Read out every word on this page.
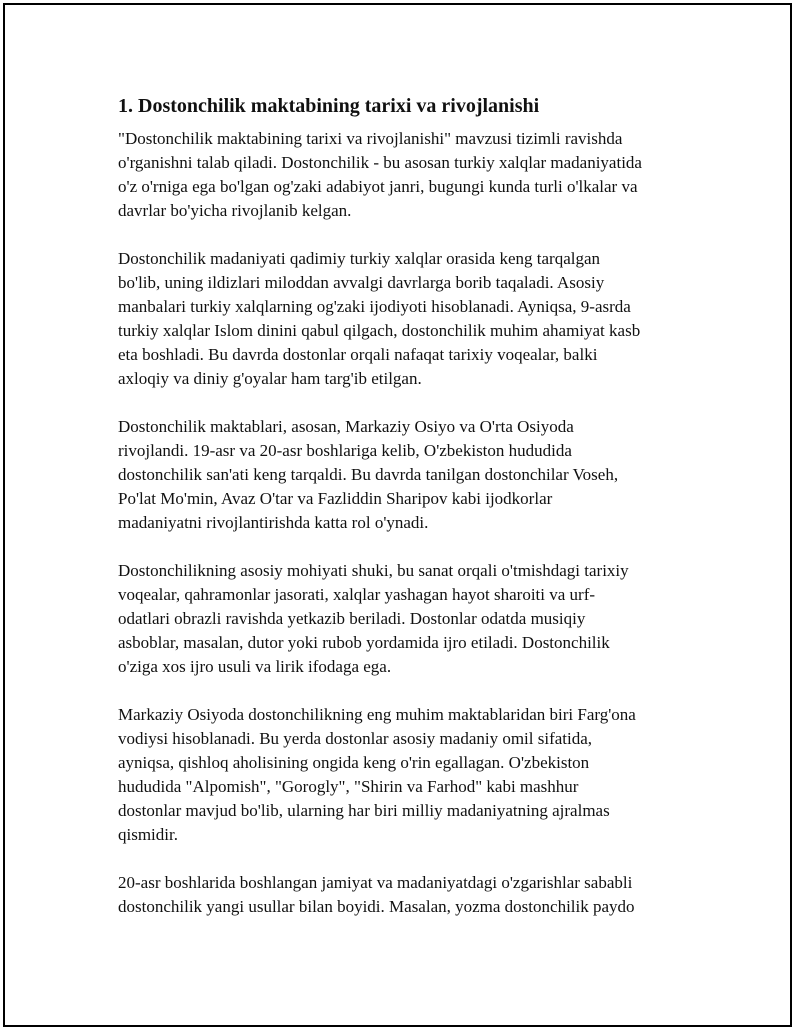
1. Dostonchilik maktabining tarixi va rivojlanishi

"Dostonchilik maktabining tarixi va rivojlanishi" mavzusi tizimli ravishda
o'rganishni talab qiladi. Dostonchilik - bu asosan turkiy xalqlar madaniyatida
o'z o'rniga ega bo'lgan og'zaki adabiyot janri, bugungi kunda turli o'lkalar va
davrlar bo'yicha rivojlanib kelgan.

Dostonchilik madaniyati qadimiy turkiy xalqlar orasida keng tarqalgan
bo'lib, uning ildizlari miloddan avvalgi davrlarga borib taqaladi. Asosiy
manbalari turkiy xalqlarning og'zaki ijodiyoti hisoblanadi. Ayniqsa, 9-asrda
turkiy xalqlar Islom dinini qabul qilgach, dostonchilik muhim ahamiyat kasb
eta boshladi. Bu davrda dostonlar orqali nafaqat tarixiy voqealar, balki
axloqiy va diniy g'oyalar ham targ'ib etilgan.

Dostonchilik maktablari, asosan, Markaziy Osiyo va O'rta Osiyoda
rivojlandi. 19-asr va 20-asr boshlariga kelib, O'zbekiston hududida
dostonchilik san'ati keng tarqaldi. Bu davrda tanilgan dostonchilar Voseh,
Po'lat Mo'min, Avaz O'tar va Fazliddin Sharipov kabi ijodkorlar
madaniyatni rivojlantirishda katta rol o'ynadi.

Dostonchilikning asosiy mohiyati shuki, bu sanat orqali o'tmishdagi tarixiy
voqealar, qahramonlar jasorati, xalqlar yashagan hayot sharoiti va urf-
odatlari obrazli ravishda yetkazib beriladi. Dostonlar odatda musiqiy
asboblar, masalan, dutor yoki rubob yordamida ijro etiladi. Dostonchilik
o'ziga xos ijro usuli va lirik ifodaga ega.

Markaziy Osiyoda dostonchilikning eng muhim maktablaridan biri Farg'ona
vodiysi hisoblanadi. Bu yerda dostonlar asosiy madaniy omil sifatida,
ayniqsa, qishloq aholisining ongida keng o'rin egallagan. O'zbekiston
hududida "Alpomish", "Gorogly", "Shirin va Farhod" kabi mashhur
dostonlar mavjud bo'lib, ularning har biri milliy madaniyatning ajralmas
qismidir.

20-asr boshlarida boshlangan jamiyat va madaniyatdagi o'zgarishlar sababli
dostonchilik yangi usullar bilan boyidi. Masalan, yozma dostonchilik paydo
